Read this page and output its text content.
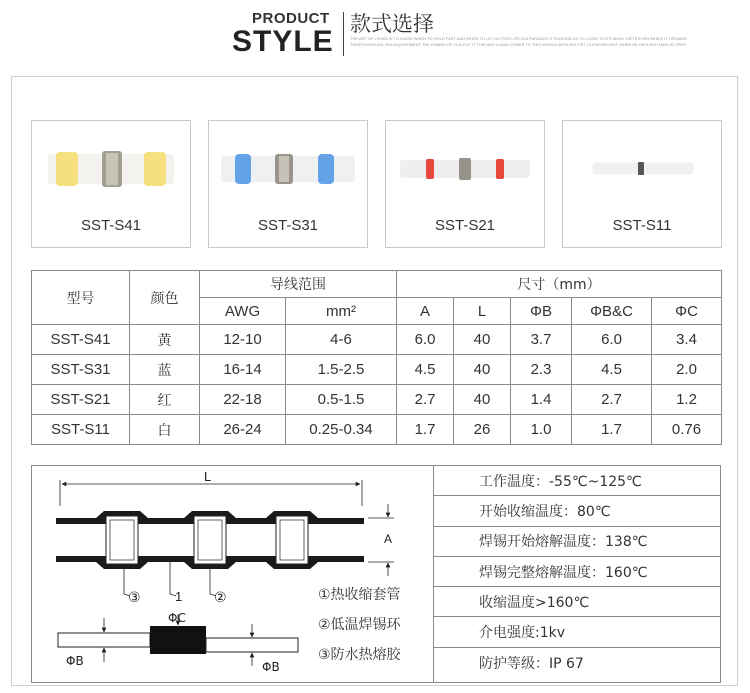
PRODUCT
STYLE
款式选择
THE ART OF LIVING IS TO KNOW WHEN TO HOLD FAST AND WHEN TO LET GO FOR LIFE IS A PARADOX IT ENJOINS US TO CLING TO ITS MANY GIFTS EVEN WHILE IT ORDAINS THEIR EVENTUAL RELINQUISHMENT THE RABBIS OF OLD PUT IT THIS WAY A MAN COMES TO THIS WORLD WITH HIS FIST CLENCHED BUT WHEN HE DIES HIS HAND IS OPEN
SST-S41	SST-S31	SST-S21	SST-S11
型号	颜色	导线范围		尺寸（mm）				
		AWG	mm²	A	L	ΦB	ΦB&C	ΦC
SST-S41	黄	12-10	4-6	6.0	40	3.7	6.0	3.4
SST-S31	蓝	16-14	1.5-2.5	4.5	40	2.3	4.5	2.0
SST-S21	红	22-18	0.5-1.5	2.7	40	1.4	2.7	1.2
SST-S11	白	26-24	0.25-0.34	1.7	26	1.0	1.7	0.76
L
A
③	1 ②
ΦC
ΦB	ΦB
①热收缩套管
②低温焊锡环
③防水热熔胶
工作温度：-55℃~125℃
开始收缩温度：80℃
焊锡开始熔解温度：138℃
焊锡完整熔解温度：160℃
收缩温度>160℃
介电强度:1kv
防护等级：IP 67
